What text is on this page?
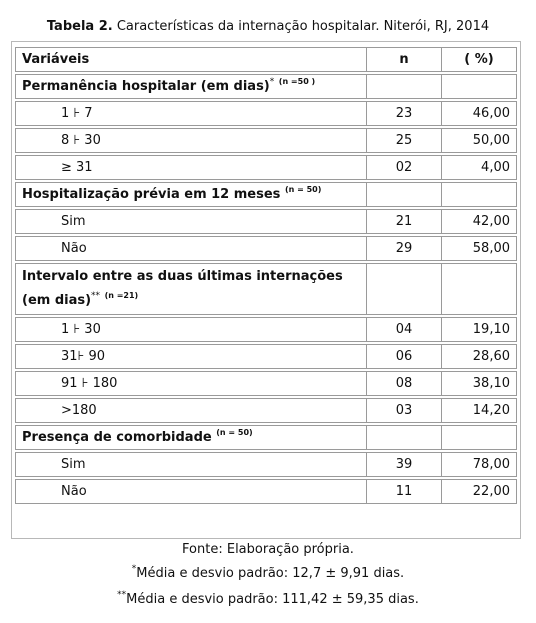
Tabela 2. Características da internação hospitalar. Niterói, RJ, 2014
Variáveis	n	( %)
Permanência hospitalar (em dias)* $^{(n =50 )}$		
1 ⊦ 7	23	46,00
8 ⊦ 30	25	50,00
≥ 31	02	4,00
Hospitalização prévia em 12 meses $^{(n = 50)}$		
Sim	21	42,00
Não	29	58,00
Intervalo entre as duas últimas internações
(em dias)** $^{(n =21)}$		
1 ⊦ 30	04	19,10
31⊦ 90	06	28,60
91 ⊦ 180	08	38,10
>180	03	14,20
Presença de comorbidade $^{(n = 50)}$		
Sim	39	78,00
Não	11	22,00
Fonte: Elaboração própria.
*Média e desvio padrão: 12,7 ± 9,91 dias.
**Média e desvio padrão: 111,42 ± 59,35 dias.
